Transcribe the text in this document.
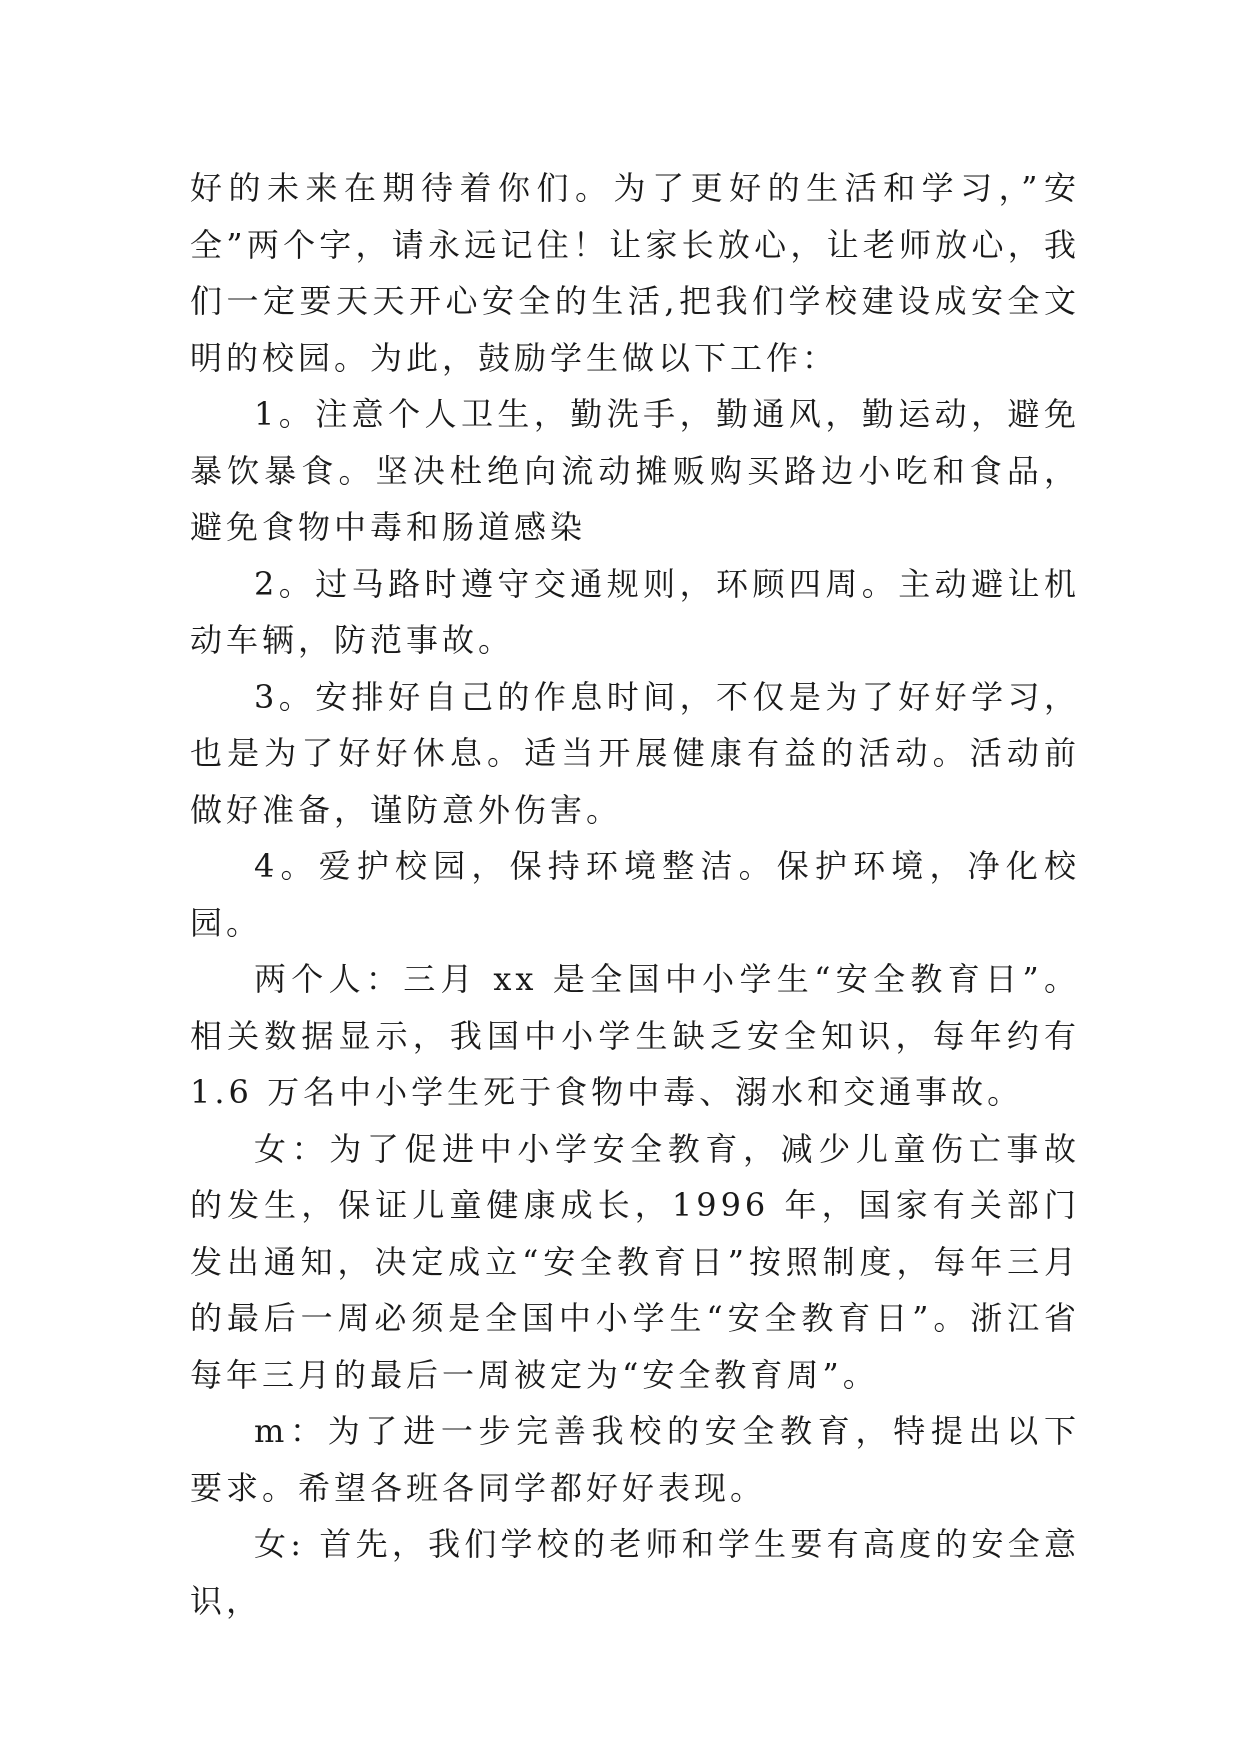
好的未来在期待着你们。为了更好的生活和学习，”安全”两个字，请永远记住！让家长放心，让老师放心，我们一定要天天开心安全的生活,把我们学校建设成安全文明的校园。为此，鼓励学生做以下工作：

1。注意个人卫生，勤洗手，勤通风，勤运动，避免暴饮暴食。坚决杜绝向流动摊贩购买路边小吃和食品，避免食物中毒和肠道感染

2。过马路时遵守交通规则，环顾四周。主动避让机动车辆，防范事故。

3。安排好自己的作息时间，不仅是为了好好学习，也是为了好好休息。适当开展健康有益的活动。活动前做好准备，谨防意外伤害。

4。爱护校园，保持环境整洁。保护环境，净化校园。

两个人：三月 xx 是全国中小学生“安全教育日”。相关数据显示，我国中小学生缺乏安全知识，每年约有 1.6 万名中小学生死于食物中毒、溺水和交通事故。

女：为了促进中小学安全教育，减少儿童伤亡事故的发生，保证儿童健康成长，1996 年，国家有关部门发出通知，决定成立“安全教育日”按照制度，每年三月的最后一周必须是全国中小学生“安全教育日”。浙江省每年三月的最后一周被定为“安全教育周”。

m：为了进一步完善我校的安全教育，特提出以下要求。希望各班各同学都好好表现。

女: 首先，我们学校的老师和学生要有高度的安全意识，
